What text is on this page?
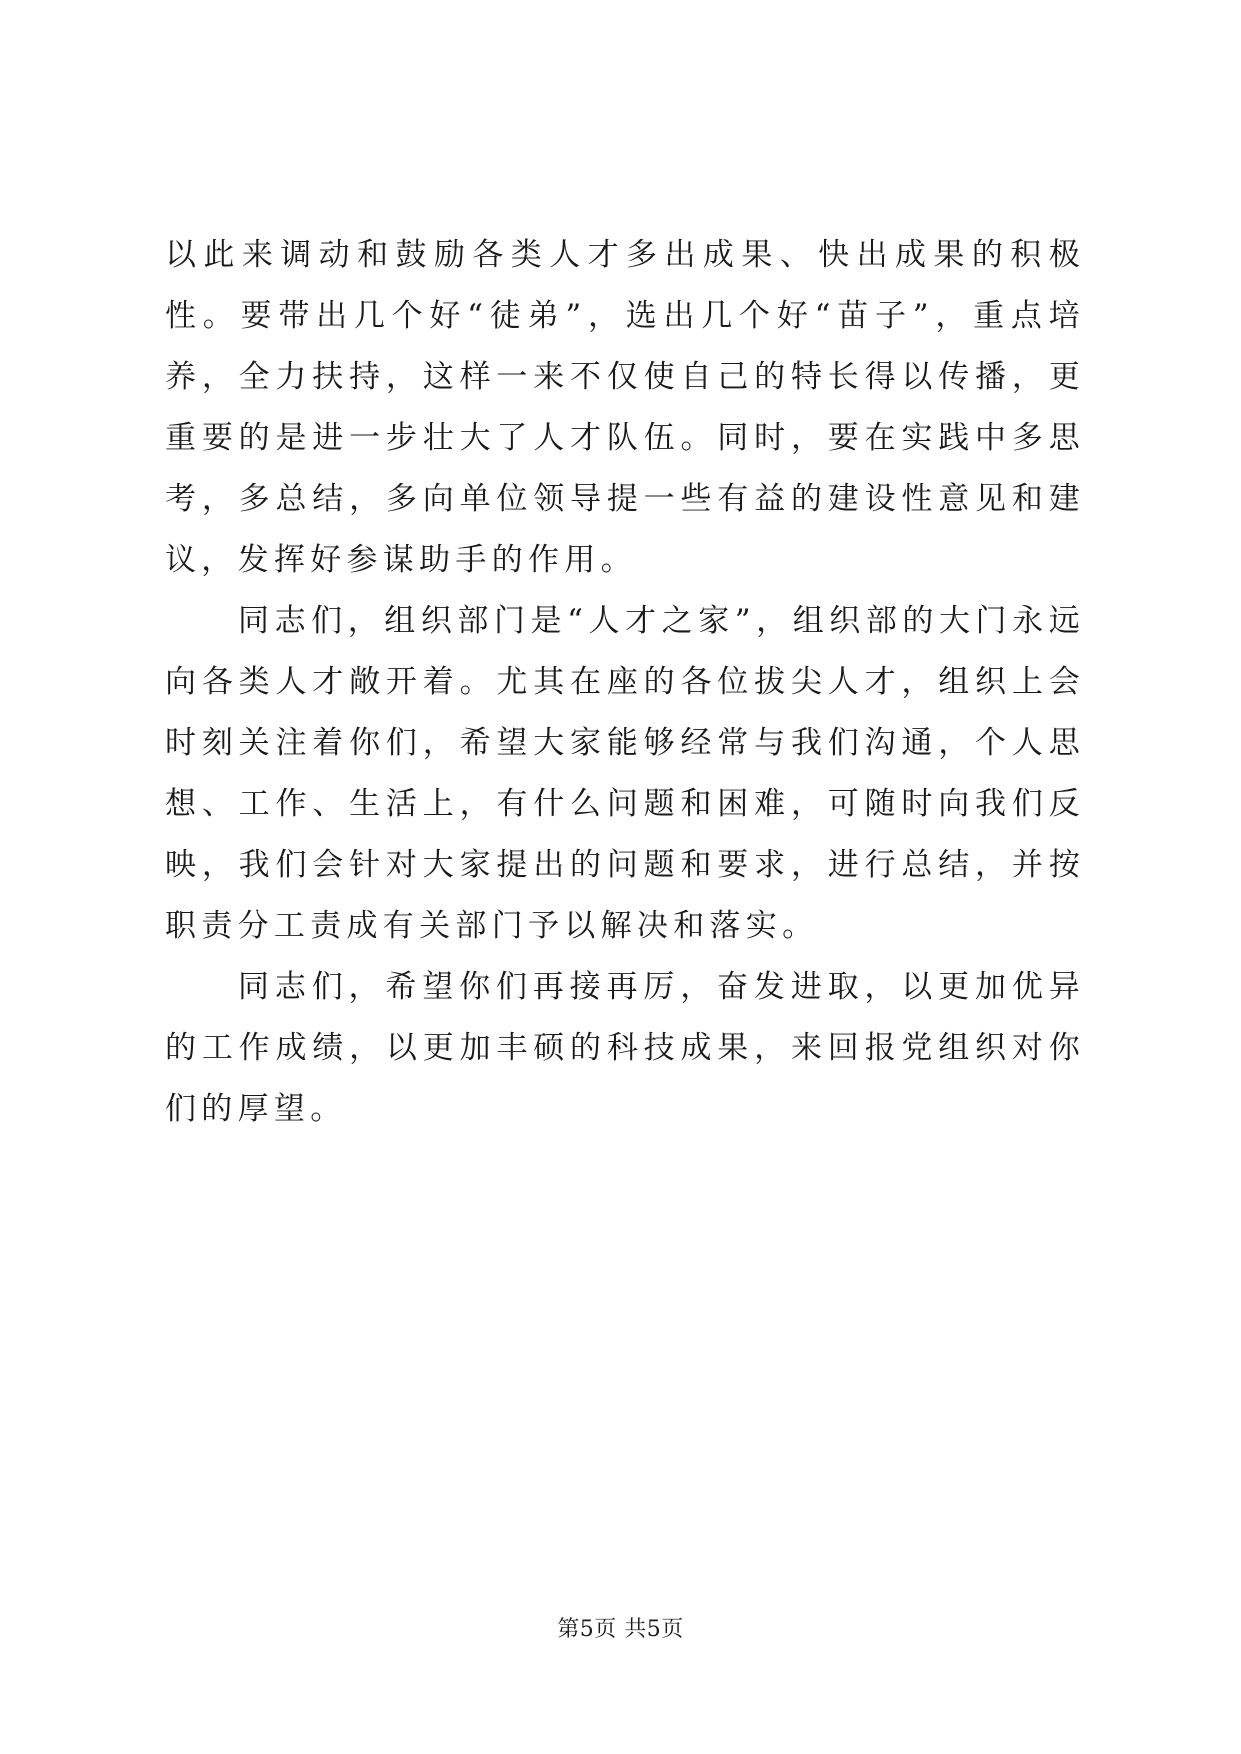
以此来调动和鼓励各类人才多出成果、快出成果的积极性。要带出几个好“徒弟”，选出几个好“苗子”，重点培养，全力扶持，这样一来不仅使自己的特长得以传播，更重要的是进一步壮大了人才队伍。同时，要在实践中多思考，多总结，多向单位领导提一些有益的建设性意见和建议，发挥好参谋助手的作用。

同志们，组织部门是“人才之家”，组织部的大门永远向各类人才敞开着。尤其在座的各位拔尖人才，组织上会时刻关注着你们，希望大家能够经常与我们沟通，个人思想、工作、生活上，有什么问题和困难，可随时向我们反映，我们会针对大家提出的问题和要求，进行总结，并按职责分工责成有关部门予以解决和落实。

同志们，希望你们再接再厉，奋发进取，以更加优异的工作成绩，以更加丰硕的科技成果，来回报党组织对你们的厚望。

第5页 共5页
